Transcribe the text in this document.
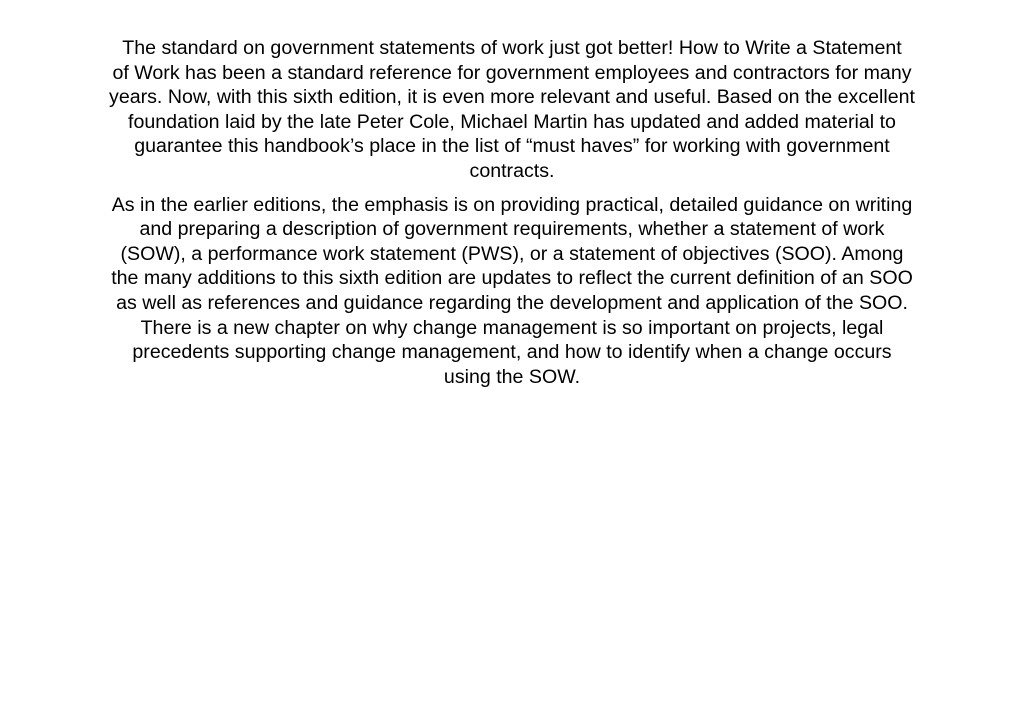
The standard on government statements of work just got better! How to Write a Statement
of Work has been a standard reference for government employees and contractors for many
years. Now, with this sixth edition, it is even more relevant and useful. Based on the excellent
foundation laid by the late Peter Cole, Michael Martin has updated and added material to
guarantee this handbook’s place in the list of “must haves” for working with government
contracts.

As in the earlier editions, the emphasis is on providing practical, detailed guidance on writing
and preparing a description of government requirements, whether a statement of work
(SOW), a performance work statement (PWS), or a statement of objectives (SOO). Among
the many additions to this sixth edition are updates to reflect the current definition of an SOO
as well as references and guidance regarding the development and application of the SOO.
There is a new chapter on why change management is so important on projects, legal
precedents supporting change management, and how to identify when a change occurs
using the SOW.
